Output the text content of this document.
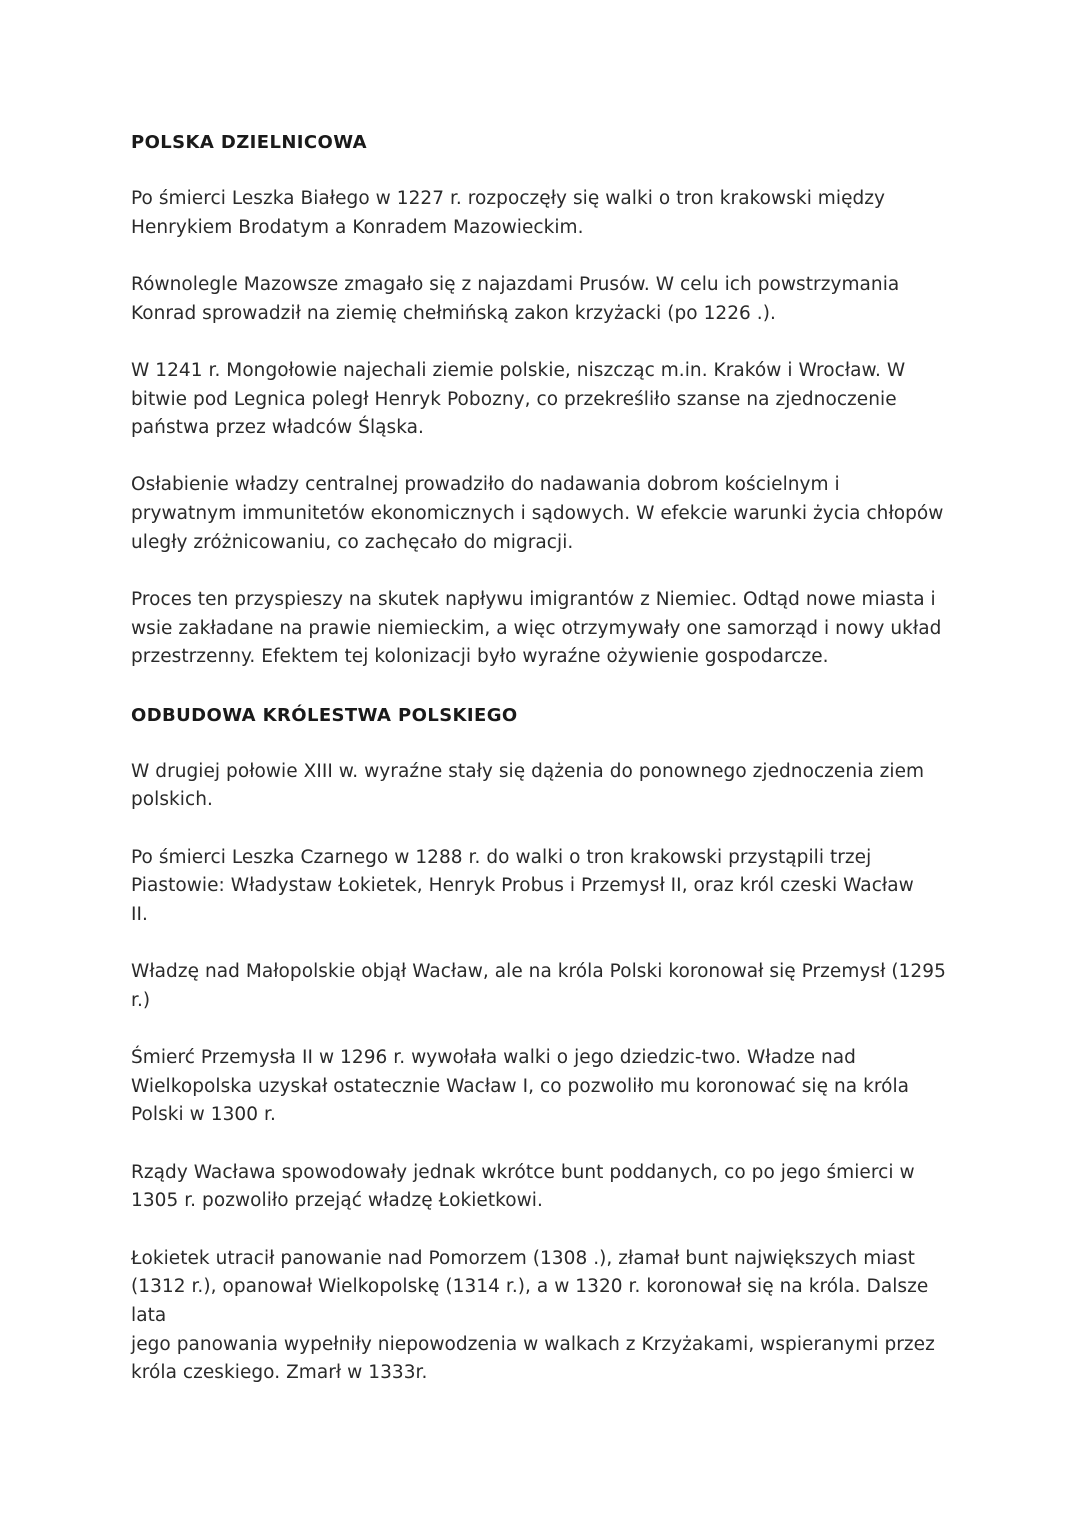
POLSKA DZIELNICOWA

Po śmierci Leszka Białego w 1227 r. rozpoczęły się walki o tron krakowski między
Henrykiem Brodatym a Konradem Mazowieckim.

Równolegle Mazowsze zmagało się z najazdami Prusów. W celu ich powstrzymania
Konrad sprowadził na ziemię chełmińską zakon krzyżacki (po 1226 .).

W 1241 r. Mongołowie najechali ziemie polskie, niszcząc m.in. Kraków i Wrocław. W
bitwie pod Legnica poległ Henryk Pobozny, co przekreśliło szanse na zjednoczenie
państwa przez władców Śląska.

Osłabienie władzy centralnej prowadziło do nadawania dobrom kościelnym i
prywatnym immunitetów ekonomicznych i sądowych. W efekcie warunki życia chłopów
uległy zróżnicowaniu, co zachęcało do migracji.

Proces ten przyspieszy na skutek napływu imigrantów z Niemiec. Odtąd nowe miasta i
wsie zakładane na prawie niemieckim, a więc otrzymywały one samorząd i nowy układ
przestrzenny. Efektem tej kolonizacji było wyraźne ożywienie gospodarcze.

ODBUDOWA KRÓLESTWA POLSKIEGO

W drugiej połowie XIII w. wyraźne stały się dążenia do ponownego zjednoczenia ziem
polskich.

Po śmierci Leszka Czarnego w 1288 r. do walki o tron krakowski przystąpili trzej
Piastowie: Władystaw Łokietek, Henryk Probus i Przemysł II, oraz król czeski Wacław
II.

Władzę nad Małopolskie objął Wacław, ale na króla Polski koronował się Przemysł (1295
r.)

Śmierć Przemysła II w 1296 r. wywołała walki o jego dziedzic-two. Władze nad
Wielkopolska uzyskał ostatecznie Wacław I, co pozwoliło mu koronować się na króla
Polski w 1300 r.

Rządy Wacława spowodowały jednak wkrótce bunt poddanych, co po jego śmierci w
1305 r. pozwoliło przejąć władzę Łokietkowi.

Łokietek utracił panowanie nad Pomorzem (1308 .), złamał bunt największych miast
(1312 r.), opanował Wielkopolskę (1314 r.), a w 1320 r. koronował się na króla. Dalsze lata
jego panowania wypełniły niepowodzenia w walkach z Krzyżakami, wspieranymi przez
króla czeskiego. Zmarł w 1333r.
